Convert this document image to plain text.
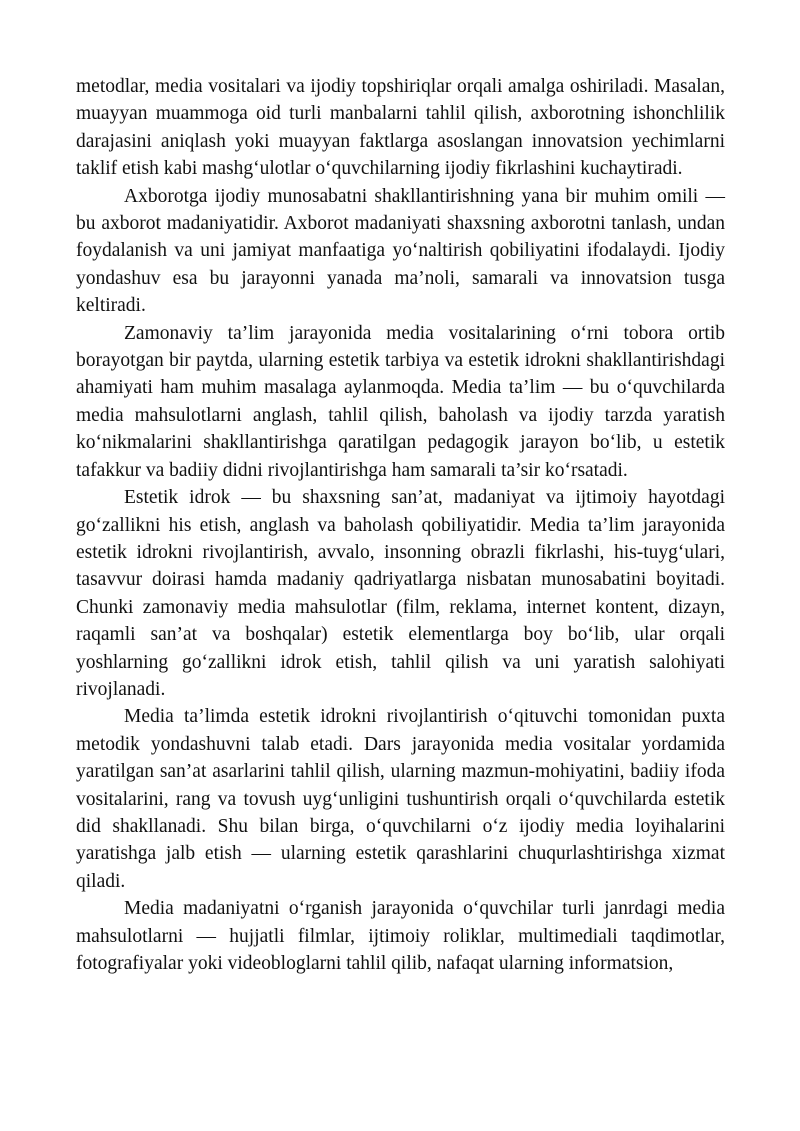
metodlar, media vositalari va ijodiy topshiriqlar orqali amalga oshiriladi. Masalan, muayyan muammoga oid turli manbalarni tahlil qilish, axborotning ishonchlilik darajasini aniqlash yoki muayyan faktlarga asoslangan innovatsion yechimlarni taklif etish kabi mashg‘ulotlar o‘quvchilarning ijodiy fikrlashini kuchaytiradi.

Axborotga ijodiy munosabatni shakllantirishning yana bir muhim omili — bu axborot madaniyatidir. Axborot madaniyati shaxsning axborotni tanlash, undan foydalanish va uni jamiyat manfaatiga yo‘naltirish qobiliyatini ifodalaydi. Ijodiy yondashuv esa bu jarayonni yanada ma’noli, samarali va innovatsion tusga keltiradi.

Zamonaviy ta’lim jarayonida media vositalarining o‘rni tobora ortib borayotgan bir paytda, ularning estetik tarbiya va estetik idrokni shakllantirishdagi ahamiyati ham muhim masalaga aylanmoqda. Media ta’lim — bu o‘quvchilarda media mahsulotlarni anglash, tahlil qilish, baholash va ijodiy tarzda yaratish ko‘nikmalarini shakllantirishga qaratilgan pedagogik jarayon bo‘lib, u estetik tafakkur va badiiy didni rivojlantirishga ham samarali ta’sir ko‘rsatadi.

Estetik idrok — bu shaxsning san’at, madaniyat va ijtimoiy hayotdagi go‘zallikni his etish, anglash va baholash qobiliyatidir. Media ta’lim jarayonida estetik idrokni rivojlantirish, avvalo, insonning obrazli fikrlashi, his-tuyg‘ulari, tasavvur doirasi hamda madaniy qadriyatlarga nisbatan munosabatini boyitadi. Chunki zamonaviy media mahsulotlar (film, reklama, internet kontent, dizayn, raqamli san’at va boshqalar) estetik elementlarga boy bo‘lib, ular orqali yoshlarning go‘zallikni idrok etish, tahlil qilish va uni yaratish salohiyati rivojlanadi.

Media ta’limda estetik idrokni rivojlantirish o‘qituvchi tomonidan puxta metodik yondashuvni talab etadi. Dars jarayonida media vositalar yordamida yaratilgan san’at asarlarini tahlil qilish, ularning mazmun-mohiyatini, badiiy ifoda vositalarini, rang va tovush uyg‘unligini tushuntirish orqali o‘quvchilarda estetik did shakllanadi. Shu bilan birga, o‘quvchilarni o‘z ijodiy media loyihalarini yaratishga jalb etish — ularning estetik qarashlarini chuqurlashtirishga xizmat qiladi.

Media madaniyatni o‘rganish jarayonida o‘quvchilar turli janrdagi media mahsulotlarni — hujjatli filmlar, ijtimoiy roliklar, multimediali taqdimotlar, fotografiyalar yoki videobloglarni tahlil qilib, nafaqat ularning informatsion,
